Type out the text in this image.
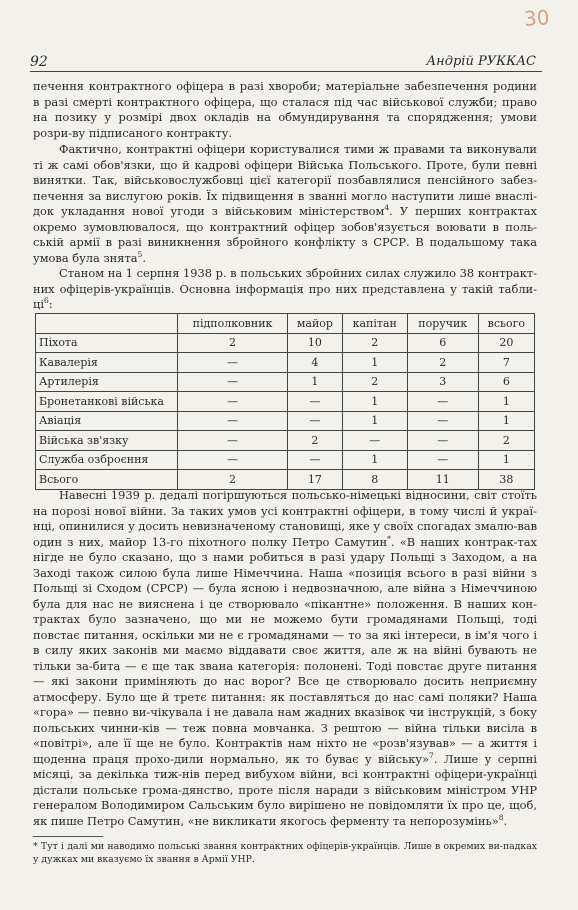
30
92	Андрій РУККАС

печення контрактного офіцера в разі хвороби; матеріальне забезпечення родини в разі смерті контрактного офіцера, що сталася під час військової служби; право на позику у розмірі двох окладів на обмундирування та спорядження; умови розри-ву підписаного контракту.

Фактично, контрактні офіцери користувалися тими ж правами та виконували ті ж самі обов'язки, що й кадрові офіцери Війська Польського. Проте, були певні винятки. Так, військовослужбовці цієї категорії позбавлялися пенсійного забез-печення за вислугою років. Їх підвищення в званні могло наступити лише внаслі- док укладання нової угоди з військовим міністерством$^4$. У перших контрактах окремо зумовлювалося, що контрактний офіцер зобов'язується воювати в поль- ській армії в разі виникнення збройного конфлікту з СРСР. В подальшому така умова була знята$^5$.

Станом на 1 серпня 1938 р. в польських збройних силах служило 38 контракт- них офіцерів-українців. Основна інформація про них представлена у такій табли-$ці^6$:

	підполковник	майор	капітан	поручик	всього
Піхота	2	10	2	6	20
Кавалерія	—	4	1	2	7
Артилерія	—	1	2	3	6
Бронетанкові війська	—	—	1	—	1
Авіація	—	—	1	—	1
Війська зв'язку	—	2	—	—	2
Служба озброєння	—	—	1	—	1
Всього	2	17	8	11	38

Навесні 1939 р. дедалі погіршуються польсько-німецькі відносини, світ стоїть на порозі нової війни. За таких умов усі контрактні офіцери, в тому числі й украї-нці, опинилися у досить невизначеному становищі, яке у своїх спогадах змалю-вав один з них, майор 13-го піхотного полку Петро Самутин*. «В наших контрак-тах нігде не було сказано, що з нами робиться в разі удару Польщі з Заходом, а на Заході також силою була лише Німеччина. Наша «позиція всього в разі війни з Польщі зі Сходом (СРСР) — була ясною і недвозначною, але війна з Німеччиною була для нас не вияснена і це створювало «пікантне» положення. В наших кон-трактах було зазначено, що ми не можемо бути громадянами Польщі, тоді повстає питання, оскільки ми не є громадянами — то за які інтереси, в ім'я чого і в силу яких законів ми маємо віддавати своє життя, але ж на війні бувають не тільки за-бита — є ще так звана категорія: полонені. Тоді повстає друге питання — які закони приміняють до нас ворог? Все це створювало досить неприємну атмосферу. Було ще й третє питання: як поставляться до нас самі поляки? Наша «гора» — певно ви-чікувала і не давала нам жадних вказівок чи інструкцій, з боку польських чинни-ків — теж повна мовчанка. З рештою — війна тільки висіла в «повітрі», але її ще не було. Контрактів нам ніхто не «розв'язував» — а життя і щоденна праця прохо-дили нормально, як то буває у війську»$^7$. Лише у серпні місяці, за декілька тиж-нів перед вибухом війни, всі контрактні офіцери-українці дістали польське грома-дянство, проте після наради з військовим міністром УНР генералом Володимиром Сальським було вирішено не повідомляти їх про це, щоб, як пише Петро Самутин, «не викликати якогось ферменту та непорозумінь»$^8$.

* Тут і далі ми наводимо польські звання контрактних офіцерів-українців. Лише в окремих ви-падках у дужках ми вказуємо їх звання в Армії УНР.
